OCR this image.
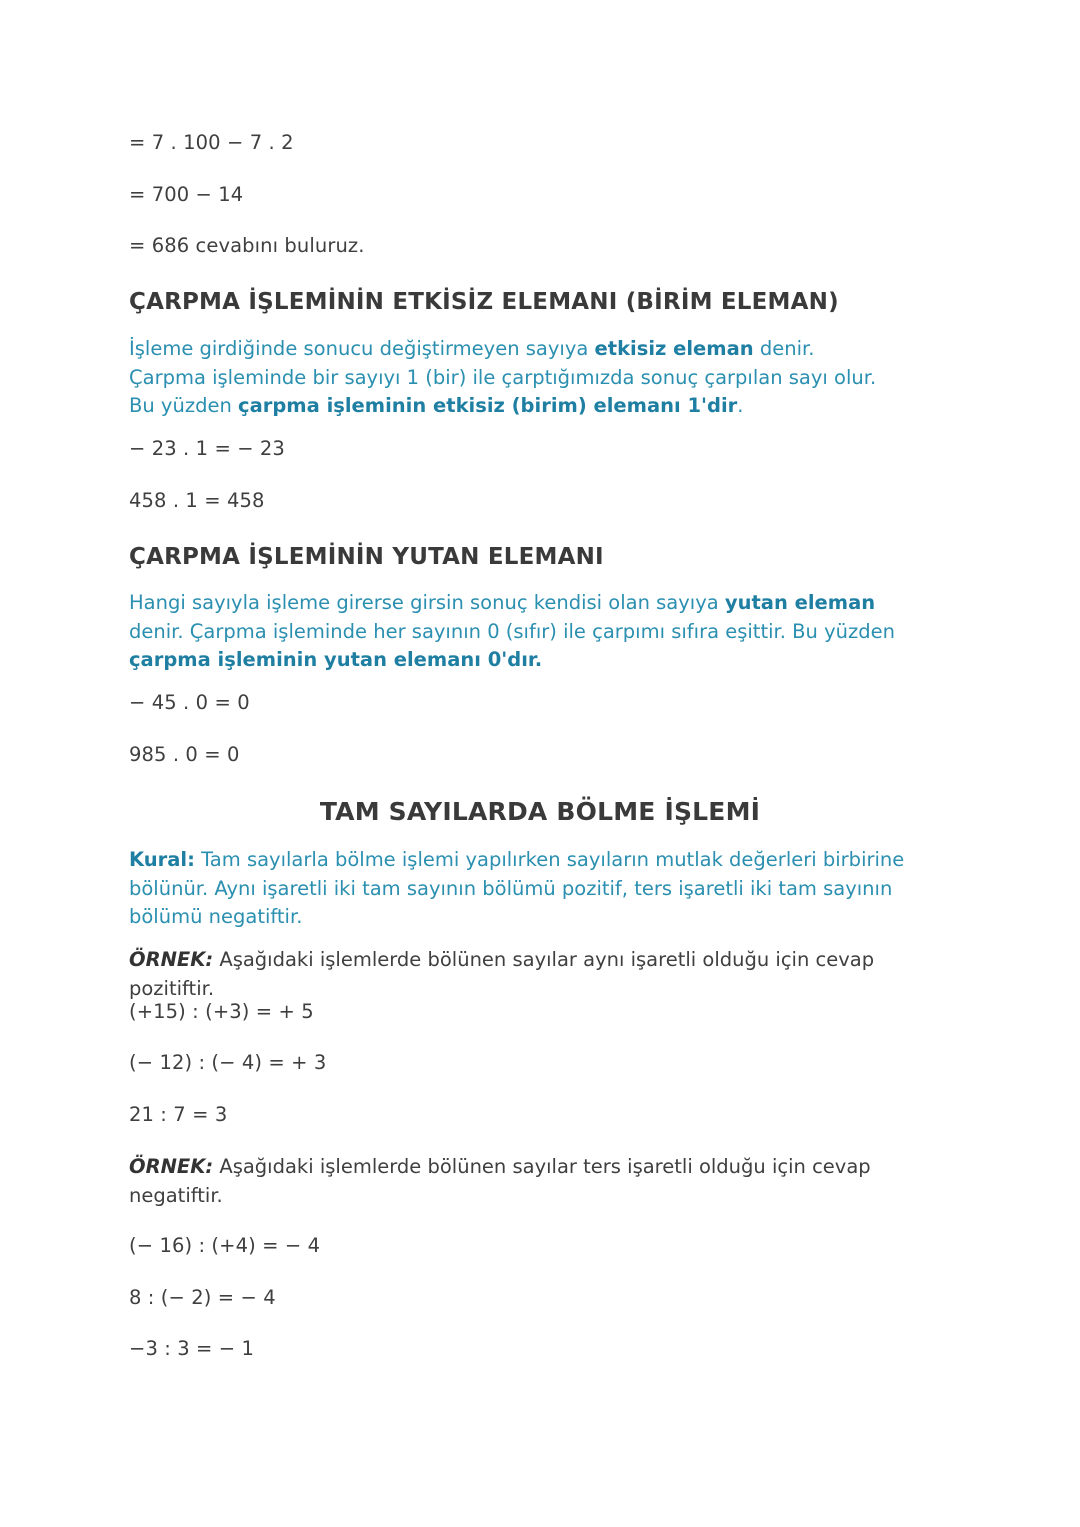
= 7 . 100 − 7 . 2
= 700 − 14
= 686 cevabını buluruz.
ÇARPMA İŞLEMİNİN ETKİSİZ ELEMANI (BİRİM ELEMAN)
İşleme girdiğinde sonucu değiştirmeyen sayıya etkisiz eleman denir. Çarpma işleminde bir sayıyı 1 (bir) ile çarptığımızda sonuç çarpılan sayı olur. Bu yüzden çarpma işleminin etkisiz (birim) elemanı 1'dir.
− 23 . 1 = − 23
458 . 1 = 458
ÇARPMA İŞLEMİNİN YUTAN ELEMANI
Hangi sayıyla işleme girerse girsin sonuç kendisi olan sayıya yutan eleman denir. Çarpma işleminde her sayının 0 (sıfır) ile çarpımı sıfıra eşittir. Bu yüzden çarpma işleminin yutan elemanı 0'dır.
− 45 . 0 = 0
985 . 0 = 0
TAM SAYILARDA BÖLME İŞLEMİ
Kural: Tam sayılarla bölme işlemi yapılırken sayıların mutlak değerleri birbirine bölünür. Aynı işaretli iki tam sayının bölümü pozitif, ters işaretli iki tam sayının bölümü negatiftir.
ÖRNEK: Aşağıdaki işlemlerde bölünen sayılar aynı işaretli olduğu için cevap pozitiftir.
(+15) : (+3) = + 5
(− 12) : (− 4) = + 3
21 : 7 = 3
ÖRNEK: Aşağıdaki işlemlerde bölünen sayılar ters işaretli olduğu için cevap negatiftir.
(− 16) : (+4) = − 4
8 : (− 2) = − 4
−3 : 3 = − 1
